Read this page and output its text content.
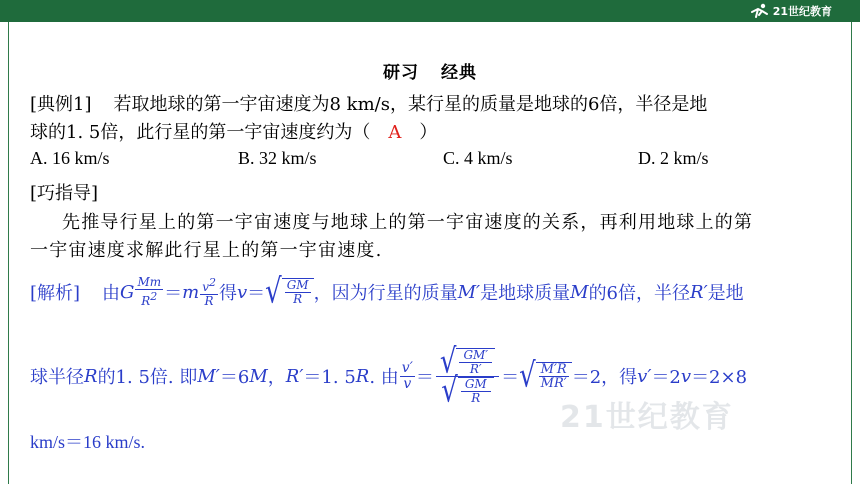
21世纪教育
研习 经典
[典例1] 若取地球的第一宇宙速度为8 km/s，某行星的质量是地球的6倍，半径是地
球的1. 5倍，此行星的第一宇宙速度约为（ A ）
A. 16 km/s	B. 32 km/s	C. 4 km/s	D. 2 km/s
[巧指导]
先推导行星上的第一宇宙速度与地球上的第一宇宙速度的关系，再利用地球上的第
一宇宙速度求解此行星上的第一宇宙速度.
[解析] 由 G $\frac{Mm}{R2} = m \frac{v2}{R}$ 得 v ＝ √ $\frac{GM}{R}$ ，因为行星的质量 M′ 是地球质量 M 的6倍，半径 R′ 是地
球半径 R 的1. 5倍. 即 M′ ＝6 M ， R′ ＝1. 5 R . 由 $\frac{v'}{v} = \frac{√ \frac{GM'}{R'}}{√ \frac{GM}{R}}$ ＝ √ $\frac{M'R}{MR'} =2$，得 v′ ＝2 v ＝2×8
km/s＝16 km/s.
21世纪教育
